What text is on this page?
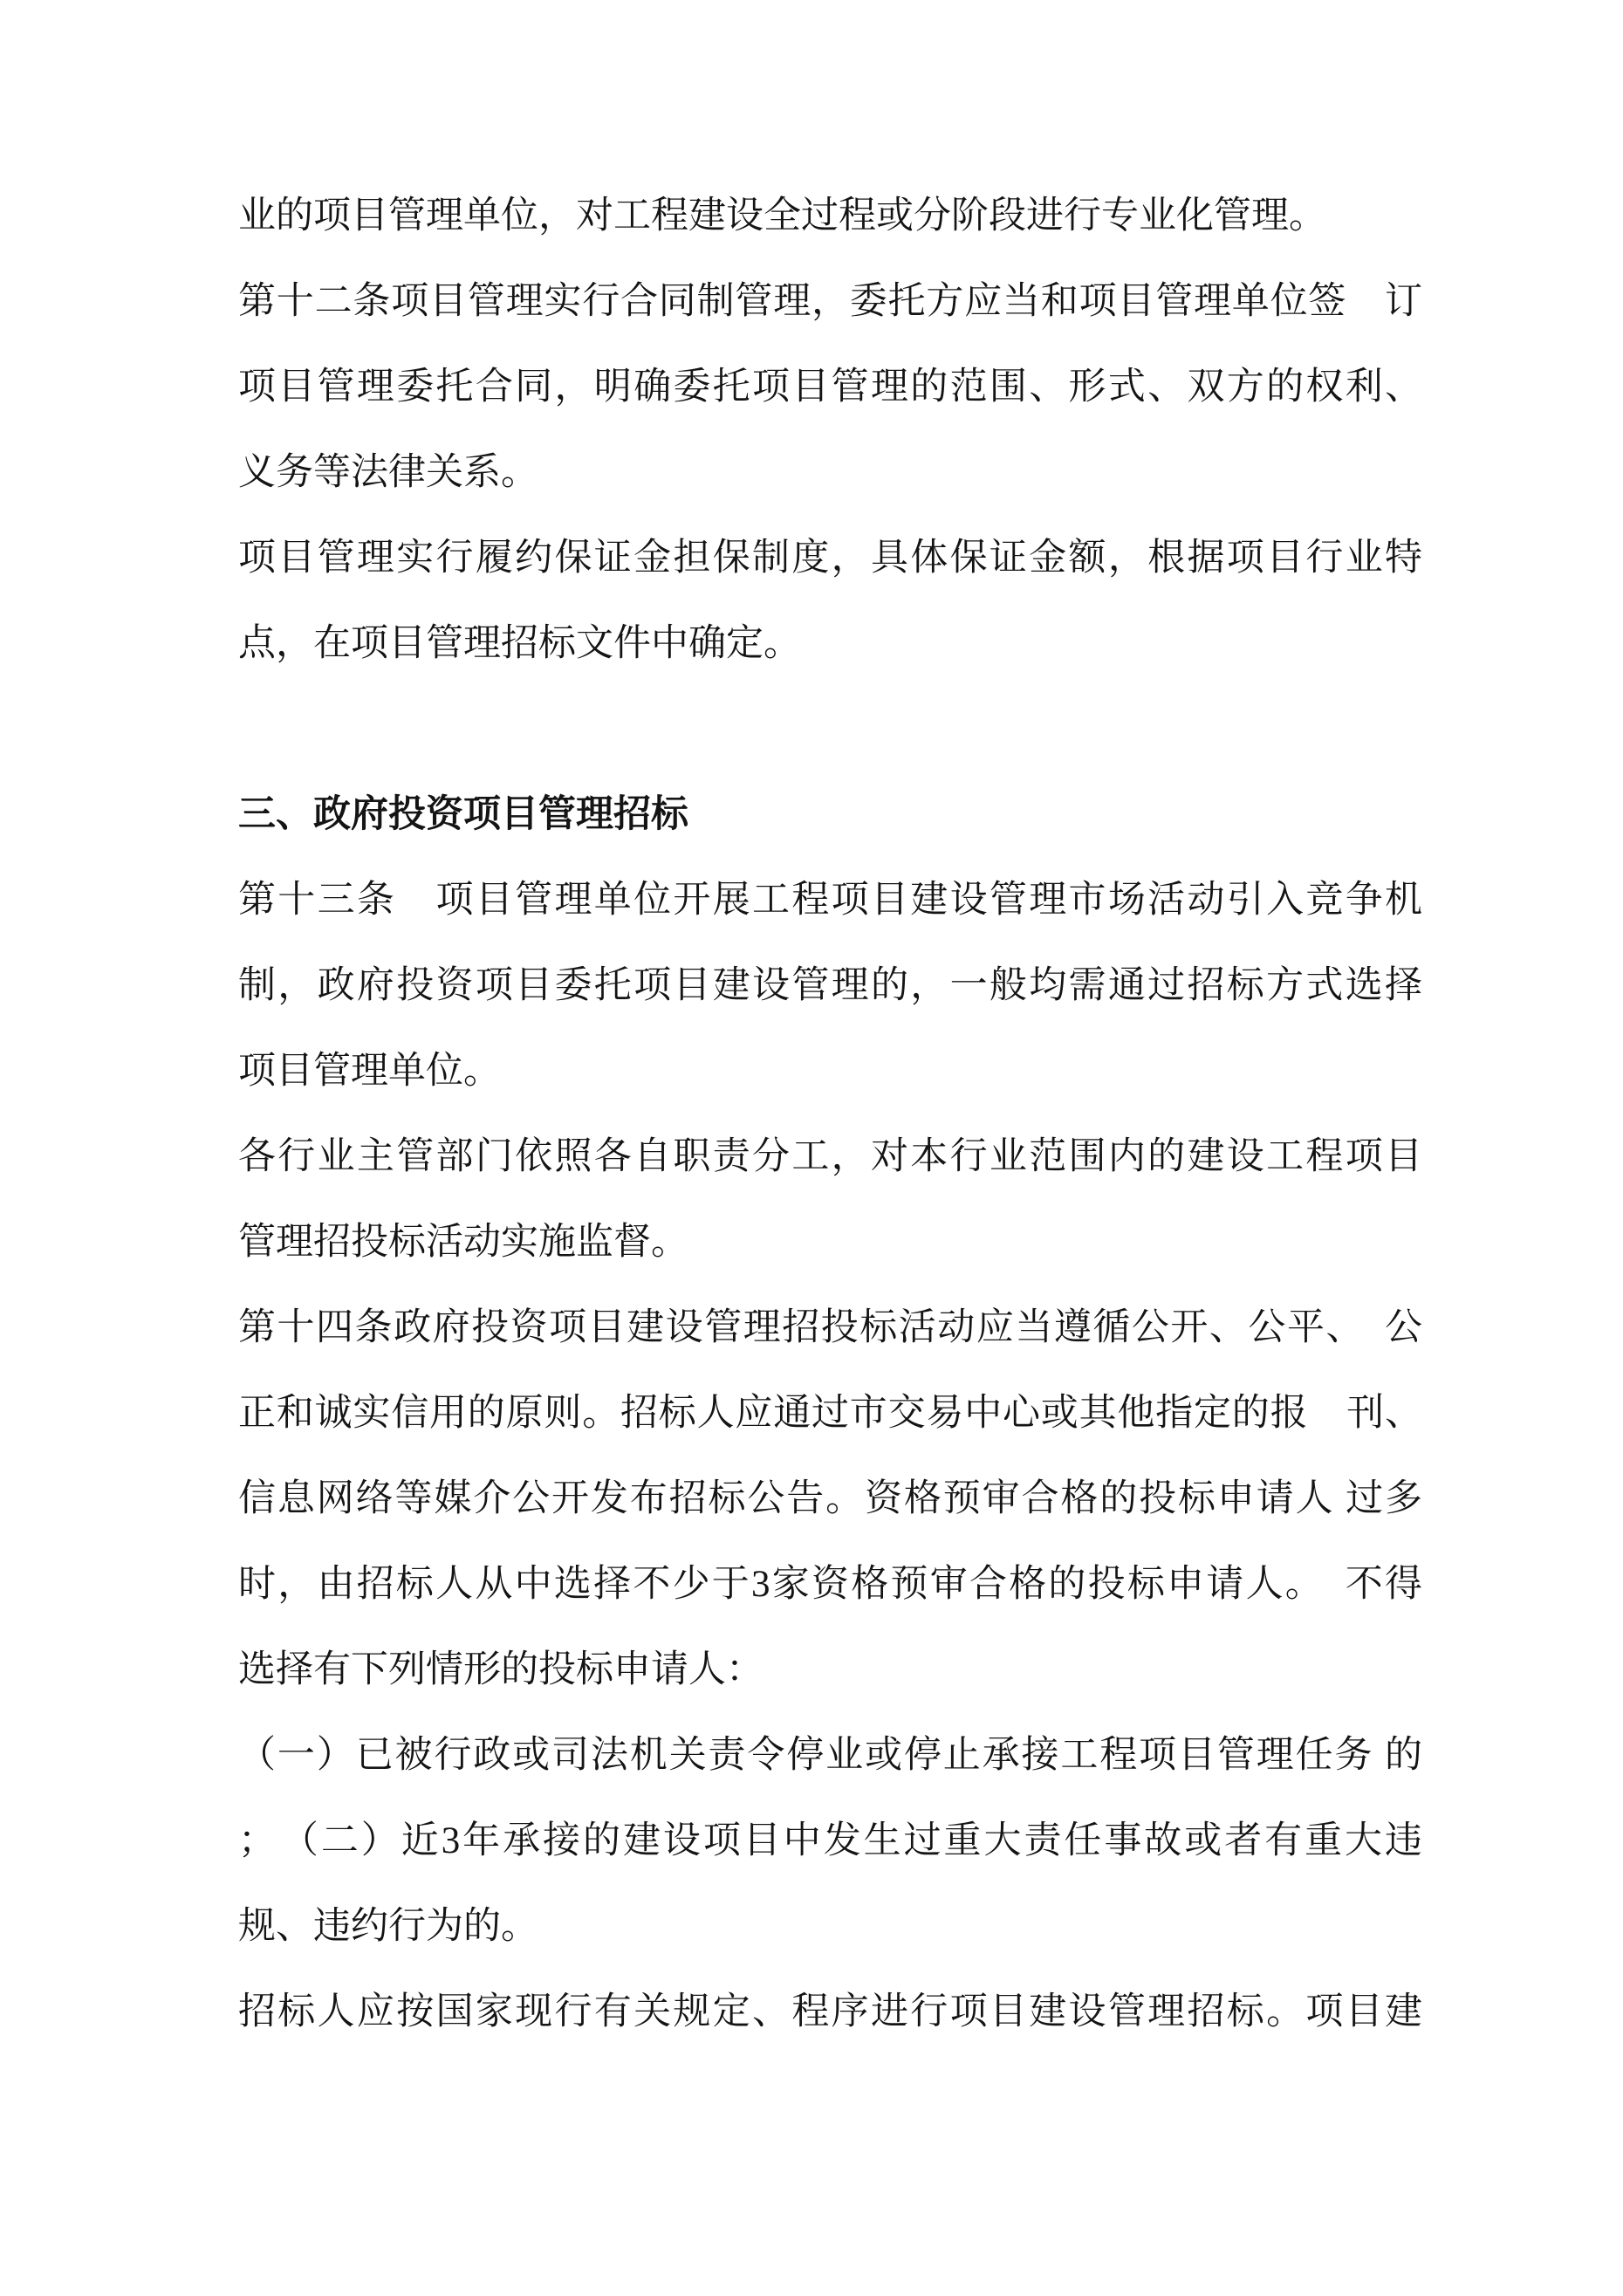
业的项目管理单位，对工程建设全过程或分阶段进行专业化管理。
第十二条项目管理实行合同制管理，委托方应当和项目管理单位签　订
项目管理委托合同，明确委托项目管理的范围、形式、双方的权利、
义务等法律关系。
项目管理实行履约保证金担保制度，具体保证金额，根据项目行业特
点，在项目管理招标文件中确定。
三、政府投资项目管理招标
第十三条　项目管理单位开展工程项目建设管理市场活动引入竞争机
制，政府投资项目委托项目建设管理的，一般均需通过招标方式选择
项目管理单位。
各行业主管部门依照各自职责分工，对本行业范围内的建设工程项目
管理招投标活动实施监督。
第十四条政府投资项目建设管理招投标活动应当遵循公开、公平、　公
正和诚实信用的原则。招标人应通过市交易中心或其他指定的报　刊、
信息网络等媒介公开发布招标公告。资格预审合格的投标申请人 过多
时，由招标人从中选择不少于3家资格预审合格的投标申请人。　不得
选择有下列情形的投标申请人：
（一）已被行政或司法机关责令停业或停止承接工程项目管理任务 的
；　（二）近3年承接的建设项目中发生过重大责任事故或者有重大违
规、违约行为的。
招标人应按国家现行有关规定、程序进行项目建设管理招标。项目建
